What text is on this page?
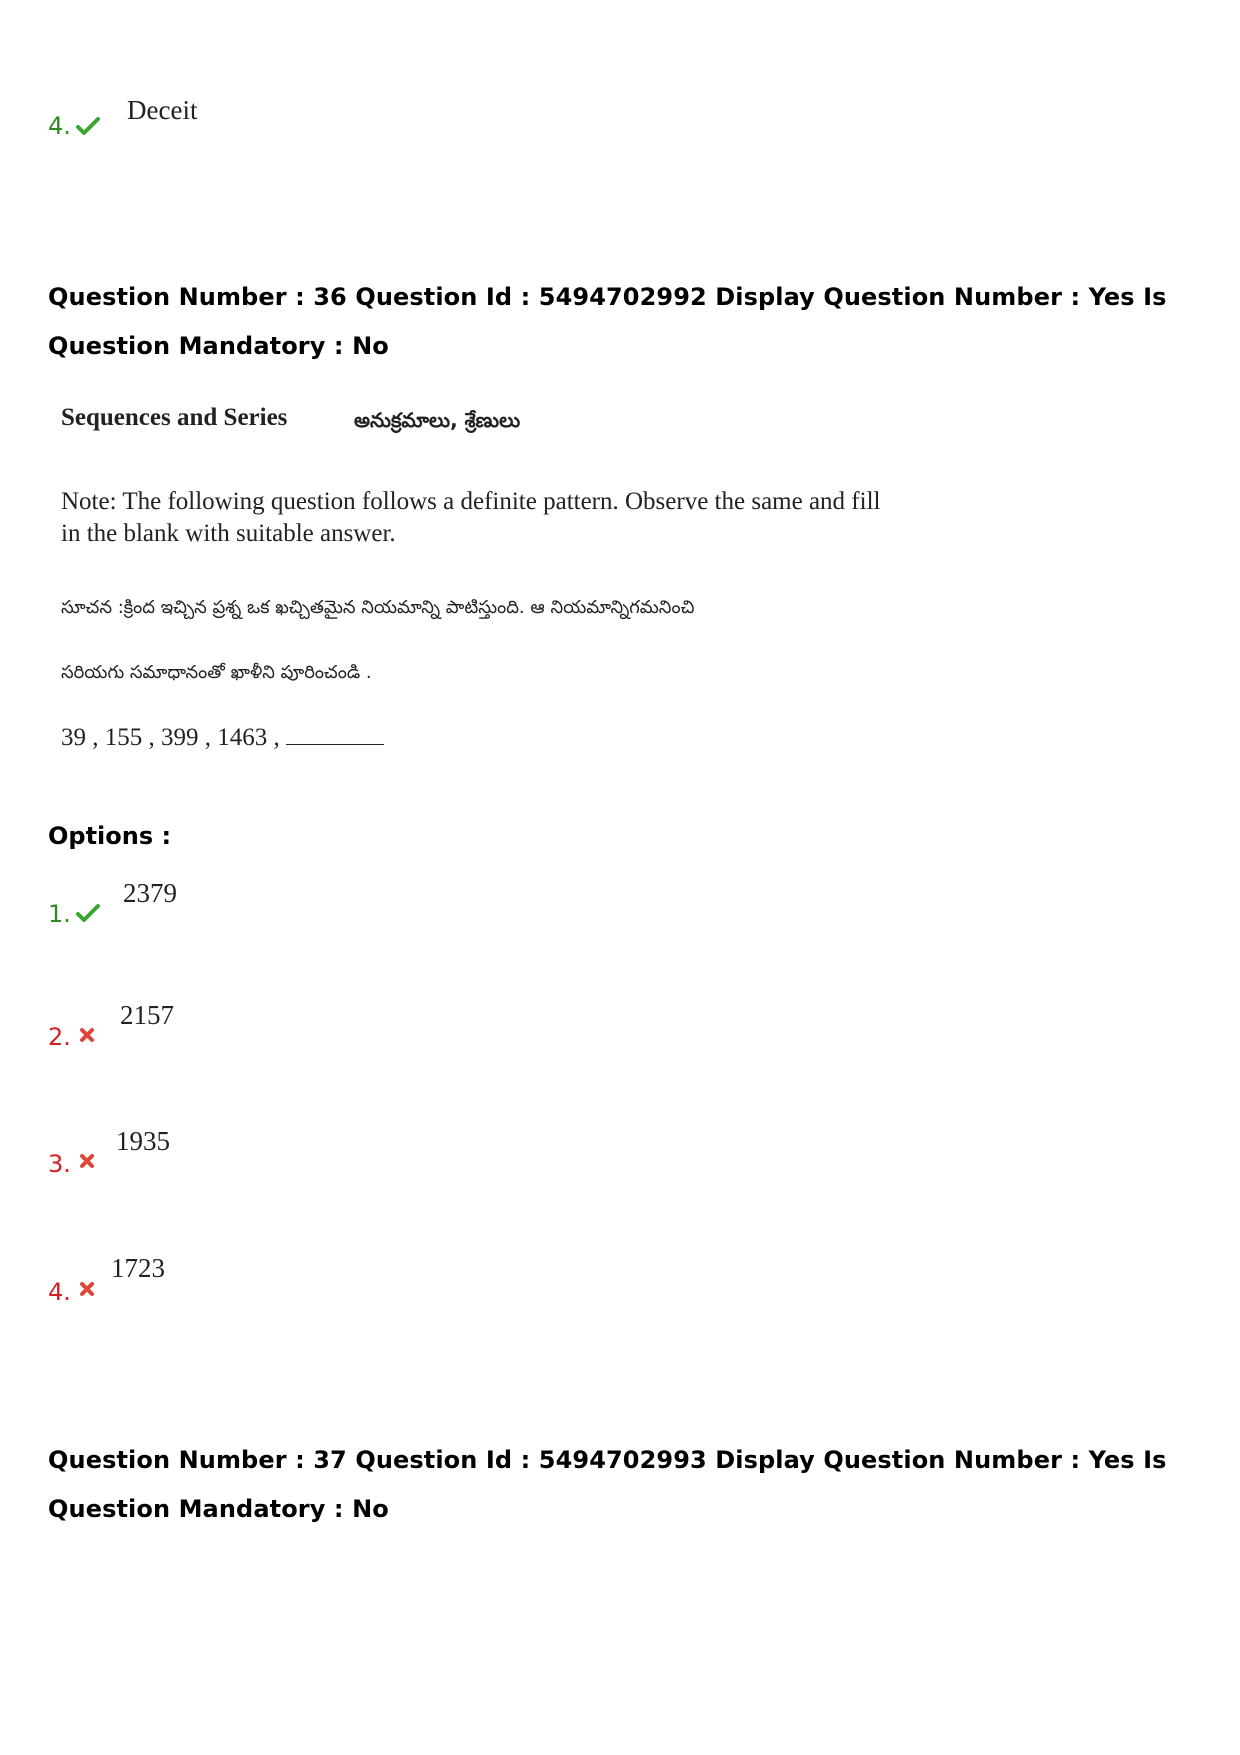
4.
Deceit
Question Number : 36 Question Id : 5494702992 Display Question Number : Yes Is Question Mandatory : No
Sequences and Series	అనుక్రమాలు, శ్రేణులు
Note: The following question follows a definite pattern. Observe the same and fill
in the blank with suitable answer.
సూచన :క్రింద ఇచ్చిన ప్రశ్న ఒక ఖచ్చితమైన నియమాన్ని పాటిస్తుంది. ఆ నియమాన్నిగమనించి
సరియగు సమాధానంతో ఖాళీని పూరించండి .
39 , 155 , 399 , 1463 ,
Options :
1.
2379
2.
2157
3.
1935
4.
1723
Question Number : 37 Question Id : 5494702993 Display Question Number : Yes Is Question Mandatory : No
